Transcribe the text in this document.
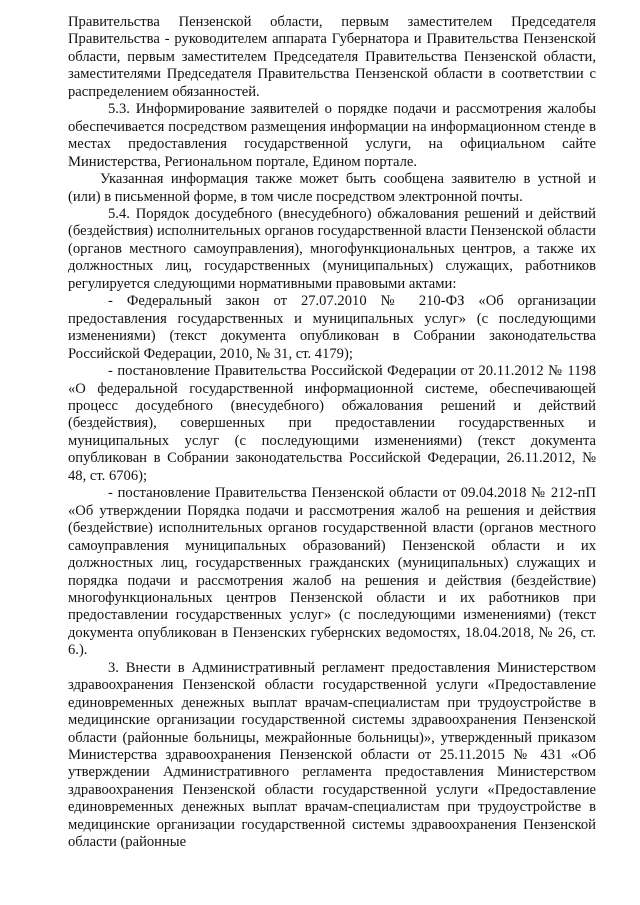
Правительства Пензенской области, первым заместителем Председателя Правительства - руководителем аппарата Губернатора и Правительства Пензенской области, первым заместителем Председателя Правительства Пензенской области, заместителями Председателя Правительства Пензенской области в соответствии с распределением обязанностей.

5.3. Информирование заявителей о порядке подачи и рассмотрения жалобы обеспечивается посредством размещения информации на информационном стенде в местах предоставления государственной услуги, на официальном сайте Министерства, Региональном портале, Едином портале.

Указанная информация также может быть сообщена заявителю в устной и (или) в письменной форме, в том числе посредством электронной почты.

5.4. Порядок досудебного (внесудебного) обжалования решений и действий (бездействия) исполнительных органов государственной власти Пензенской области (органов местного самоуправления), многофункциональных центров, а также их должностных лиц, государственных (муниципальных) служащих, работников регулируется следующими нормативными правовыми актами:

- Федеральный закон от 27.07.2010 № 210-ФЗ «Об организации предоставления государственных и муниципальных услуг» (с последующими изменениями) (текст документа опубликован в Собрании законодательства Российской Федерации, 2010, № 31, ст. 4179);

- постановление Правительства Российской Федерации от 20.11.2012 № 1198 «О федеральной государственной информационной системе, обеспечивающей процесс досудебного (внесудебного) обжалования решений и действий (бездействия), совершенных при предоставлении государственных и муниципальных услуг (с последующими изменениями) (текст документа опубликован в Собрании законодательства Российской Федерации, 26.11.2012, № 48, ст. 6706);

- постановление Правительства Пензенской области от 09.04.2018 № 212-пП «Об утверждении Порядка подачи и рассмотрения жалоб на решения и действия (бездействие) исполнительных органов государственной власти (органов местного самоуправления муниципальных образований) Пензенской области и их должностных лиц, государственных гражданских (муниципальных) служащих и порядка подачи и рассмотрения жалоб на решения и действия (бездействие) многофункциональных центров Пензенской области и их работников при предоставлении государственных услуг» (с последующими изменениями) (текст документа опубликован в Пензенских губернских ведомостях, 18.04.2018, № 26, ст. 6.).

3. Внести в Административный регламент предоставления Министерством здравоохранения Пензенской области государственной услуги «Предоставление единовременных денежных выплат врачам-специалистам при трудоустройстве в медицинские организации государственной системы здравоохранения Пензенской области (районные больницы, межрайонные больницы)», утвержденный приказом Министерства здравоохранения Пензенской области от 25.11.2015 № 431 «Об утверждении Административного регламента предоставления Министерством здравоохранения Пензенской области государственной услуги «Предоставление единовременных денежных выплат врачам-специалистам при трудоустройстве в медицинские организации государственной системы здравоохранения Пензенской области (районные
